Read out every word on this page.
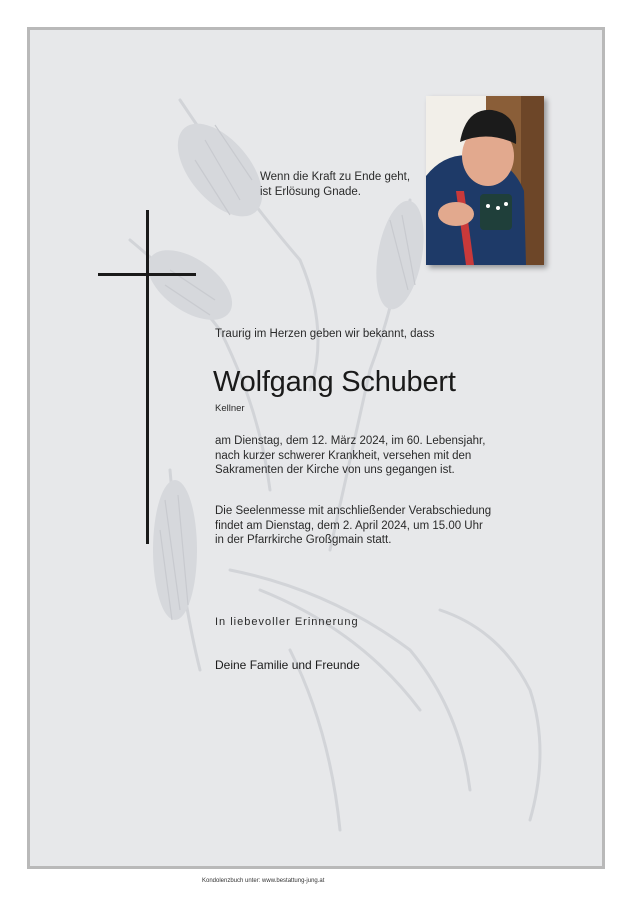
Wenn die Kraft zu Ende geht,
ist Erlösung Gnade.
Traurig im Herzen geben wir bekannt, dass
Wolfgang Schubert
Kellner
am Dienstag, dem 12. März 2024, im 60. Lebensjahr,
nach kurzer schwerer Krankheit, versehen mit den
Sakramenten der Kirche von uns gegangen ist.
Die Seelenmesse mit anschließender Verabschiedung
findet am Dienstag, dem 2. April 2024, um 15.00 Uhr
in der Pfarrkirche Großgmain statt.
In liebevoller Erinnerung
Deine Familie und Freunde
Kondolenzbuch unter: www.bestattung-jung.at
